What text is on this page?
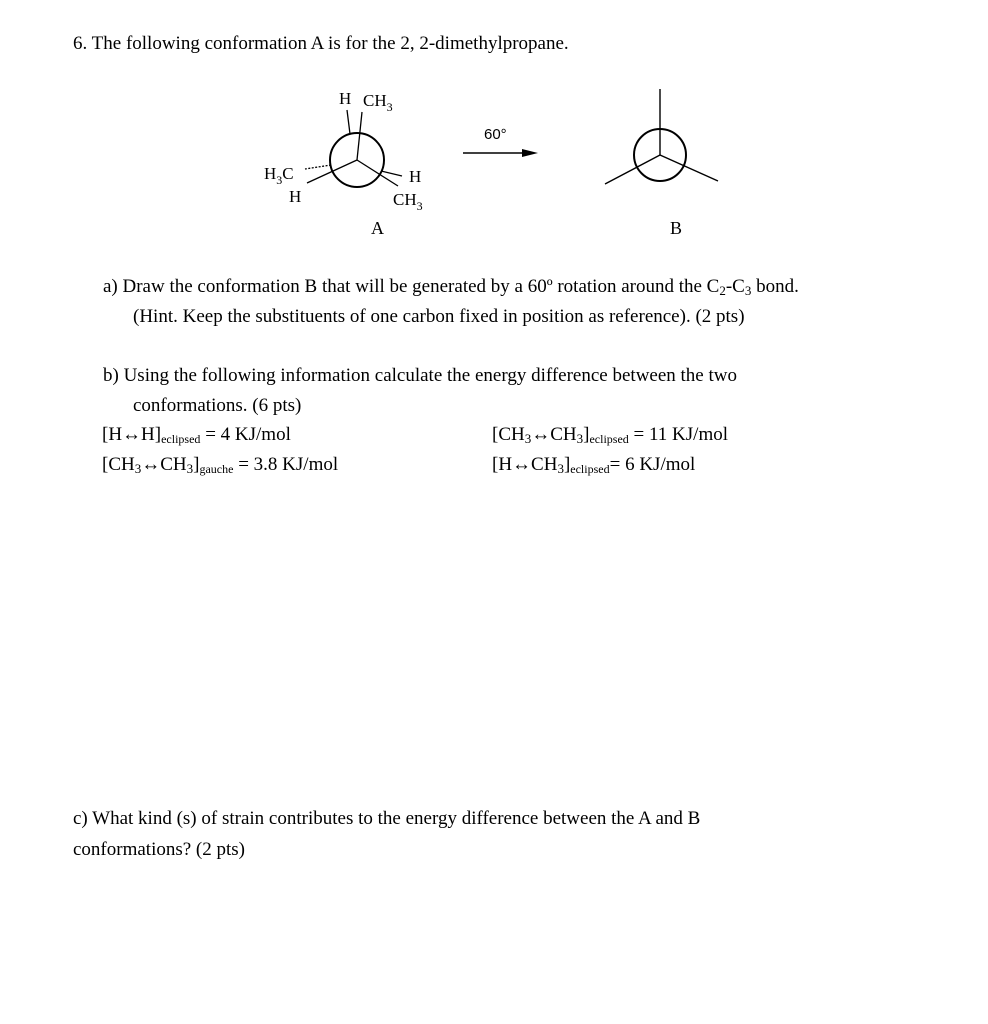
6. The following conformation A is for the 2, 2-dimethylpropane.
H $CH_3$
$H_3C$
H
H
$CH_3$
A
60°
B
a) Draw the conformation B that will be generated by a 60º rotation around the $C_2-C_3$ bond.
(Hint. Keep the substituents of one carbon fixed in position as reference). (2 pts)
b) Using the following information calculate the energy difference between the two
conformations. (6 pts)
[H↔H]eclipsed = 4 KJ/mol	$[CH_3\leftrightarrow CH_3]eclipsed = 11$ KJ/mol
$[CH_3\leftrightarrow CH_3]gauche = 3.8$ KJ/mol	$[H\leftrightarrow CH_3]eclipsed= 6$ KJ/mol
c) What kind (s) of strain contributes to the energy difference between the A and B
conformations? (2 pts)
